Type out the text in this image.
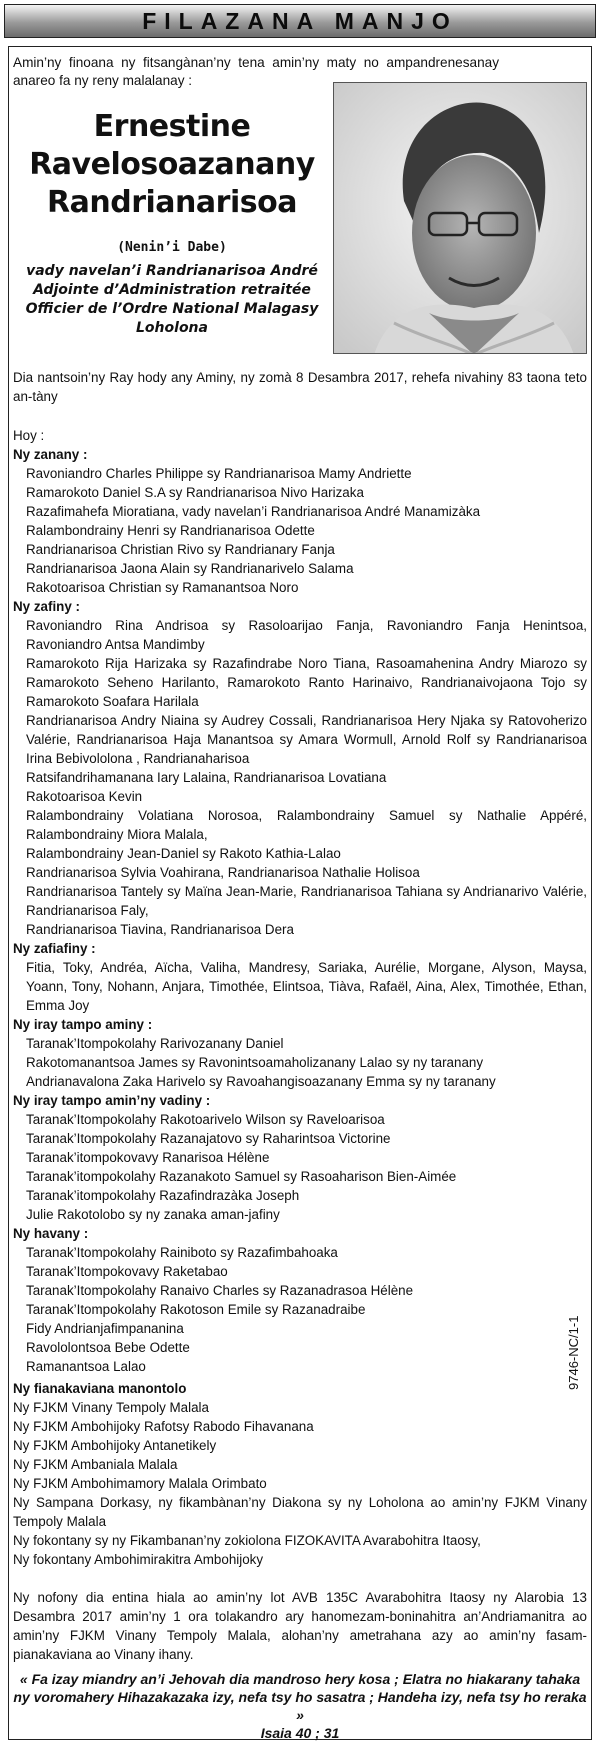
FILAZANA MANJO
Amin’ny finoana ny fitsangànan’ny tena amin’ny maty no ampandrenesanay anareo fa ny reny malalanay :
Ernestine
Ravelosoazanany
Randrianarisoa
(Nenin’i Dabe)
vady navelan’i Randrianarisoa André
Adjointe d’Administration retraitée
Officier de l’Ordre National Malagasy
Loholona
Dia nantsoin’ny Ray hody any Aminy, ny zomà 8 Desambra 2017, rehefa nivahiny 83 taona teto an-tàny

Hoy :

Ny zanany :

Ravoniandro Charles Philippe sy Randrianarisoa Mamy Andriette

Ramarokoto Daniel S.A sy Randrianarisoa Nivo Harizaka

Razafimahefa Mioratiana, vady navelan’i Randrianarisoa André Manamizàka

Ralambondrainy Henri sy Randrianarisoa Odette

Randrianarisoa Christian Rivo sy Randrianary Fanja

Randrianarisoa Jaona Alain sy Randrianarivelo Salama

Rakotoarisoa Christian sy Ramanantsoa Noro

Ny zafiny :

Ravoniandro Rina Andrisoa sy Rasoloarijao Fanja, Ravoniandro Fanja Henintsoa, Ravoniandro Antsa Mandimby

Ramarokoto Rija Harizaka sy Razafindrabe Noro Tiana, Rasoamahenina Andry Miarozo sy Ramarokoto Seheno Harilanto, Ramarokoto Ranto Harinaivo, Randrianaivojaona Tojo sy Ramarokoto Soafara Harilala

Randrianarisoa Andry Niaina sy Audrey Cossali, Randrianarisoa Hery Njaka sy Ratovoherizo Valérie, Randrianarisoa Haja Manantsoa sy Amara Wormull, Arnold Rolf sy Randrianarisoa Irina Bebivololona , Randrianaharisoa

Ratsifandrihamanana Iary Lalaina, Randrianarisoa Lovatiana

Rakotoarisoa Kevin

Ralambondrainy Volatiana Norosoa, Ralambondrainy Samuel sy Nathalie Appéré, Ralambondrainy Miora Malala,

Ralambondrainy Jean-Daniel sy Rakoto Kathia-Lalao

Randrianarisoa Sylvia Voahirana, Randrianarisoa Nathalie Holisoa

Randrianarisoa Tantely sy Maïna Jean-Marie, Randrianarisoa Tahiana sy Andrianarivo Valérie, Randrianarisoa Faly,

Randrianarisoa Tiavina, Randrianarisoa Dera

Ny zafiafiny :

Fitia, Toky, Andréa, Aïcha, Valiha, Mandresy, Sariaka, Aurélie, Morgane, Alyson, Maysa, Yoann, Tony, Nohann, Anjara, Timothée, Elintsoa, Tiàva, Rafaël, Aina, Alex, Timothée, Ethan, Emma Joy

Ny iray tampo aminy :

Taranak’Itompokolahy Rarivozanany Daniel

Rakotomanantsoa James sy Ravonintsoamaholizanany Lalao sy ny taranany

Andrianavalona Zaka Harivelo sy Ravoahangisoazanany Emma sy ny taranany

Ny iray tampo amin’ny vadiny :

Taranak’Itompokolahy Rakotoarivelo Wilson sy Raveloarisoa

Taranak’Itompokolahy Razanajatovo sy Raharintsoa Victorine

Taranak’itompokovavy Ranarisoa Hélène

Taranak’itompokolahy Razanakoto Samuel sy Rasoaharison Bien-Aimée

Taranak’itompokolahy Razafindrazàka Joseph

Julie Rakotolobo sy ny zanaka aman-jafiny

Ny havany :

Taranak’Itompokolahy Rainiboto sy Razafimbahoaka

Taranak’Itompokovavy Raketabao

Taranak’Itompokolahy Ranaivo Charles sy Razanadrasoa Hélène

Taranak’Itompokolahy Rakotoson Emile sy Razanadraibe

Fidy Andrianjafimpananina

Ravololontsoa Bebe Odette

Ramanantsoa Lalao

Ny fianakaviana manontolo

Ny FJKM Vinany Tempoly Malala

Ny FJKM Ambohijoky Rafotsy Rabodo Fihavanana

Ny FJKM Ambohijoky Antanetikely

Ny FJKM Ambaniala Malala

Ny FJKM Ambohimamory Malala Orimbato

Ny Sampana Dorkasy, ny fikambànan’ny Diakona sy ny Loholona ao amin’ny FJKM Vinany Tempoly Malala

Ny fokontany sy ny Fikambanan’ny zokiolona FIZOKAVITA Avarabohitra Itaosy,

Ny fokontany Ambohimirakitra Ambohijoky

Ny nofony dia entina hiala ao amin’ny lot AVB 135C Avarabohitra Itaosy ny Alarobia 13 Desambra 2017 amin’ny 1 ora tolakandro ary hanomezam-boninahitra an’Andriamanitra ao amin’ny FJKM Vinany Tempoly Malala, alohan’ny ametrahana azy ao amin’ny fasam-pianakaviana ao Vinany ihany.
« Fa izay miandry an’i Jehovah dia mandroso hery kosa ; Elatra no hiakarany tahaka
ny voromahery Hihazakazaka izy, nefa tsy ho sasatra ; Handeha izy, nefa tsy ho reraka »
Isaia 40 ; 31
9746-NC/1-1
